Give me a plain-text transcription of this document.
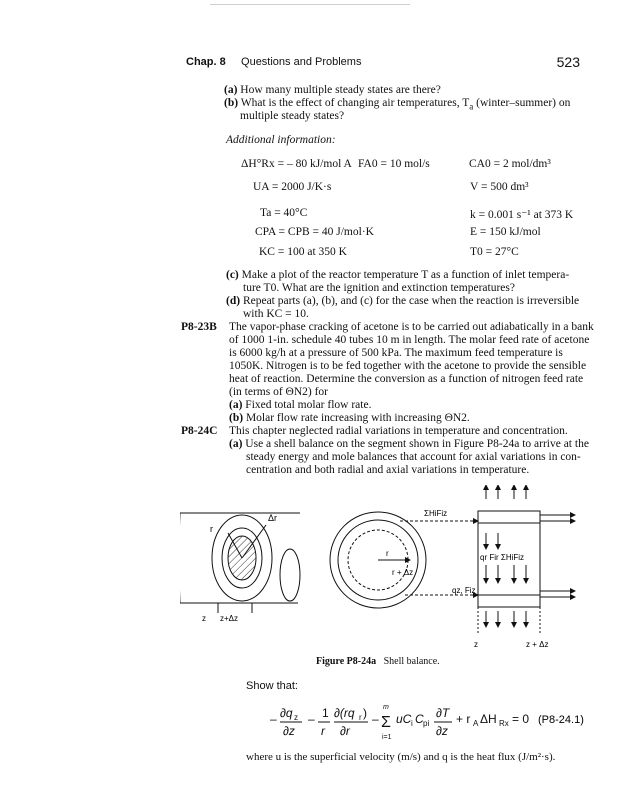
Chap. 8 Questions and Problems	523
(a) How many multiple steady states are there?
(b) What is the effect of changing air temperatures, $T_a$ (winter–summer) on
multiple steady states?
Additional information:
ΔH°Rx = – 80 kJ/mol A FA0 = 10 mol/s	CA0 = 2 mol/dm³
UA = 2000 J/K·s	V = 500 dm³
Ta = 40°C	k = 0.001 s⁻¹ at 373 K
CPA = CPB = 40 J/mol·K	E = 150 kJ/mol
KC = 100 at 350 K	T0 = 27°C
(c) Make a plot of the reactor temperature T as a function of inlet tempera-
ture T0. What are the ignition and extinction temperatures?
(d) Repeat parts (a), (b), and (c) for the case when the reaction is irreversible
with KC = 10.
P8-23B The vapor-phase cracking of acetone is to be carried out adiabatically in a bank
of 1000 1-in. schedule 40 tubes 10 m in length. The molar feed rate of acetone
is 6000 kg/h at a pressure of 500 kPa. The maximum feed temperature is
1050K. Nitrogen is to be fed together with the acetone to provide the sensible
heat of reaction. Determine the conversion as a function of nitrogen feed rate
(in terms of ΘN2) for
(a) Fixed total molar flow rate.
(b) Molar flow rate increasing with increasing ΘN2.
P8-24C This chapter neglected radial variations in temperature and concentration.
(a) Use a shell balance on the segment shown in Figure P8-24a to arrive at the
steady energy and mole balances that account for axial variations in con-
centration and both radial and axial variations in temperature.
r
Δr
z z+Δz
r
r + Δz
ΣHiFiz
qz, Fiz
qr Fir ΣHiFiz
z	z + Δz
Figure P8-24a Shell balance.
Show that:
– ∂q z
∂z
– 1
r
∂(rq r )
∂r
–
m
Σ
i=1
uC i C pi
∂T
∂z
+ r A ΔH Rx = 0 (P8-24.1)
where u is the superficial velocity (m/s) and q is the heat flux (J/m²·s).
